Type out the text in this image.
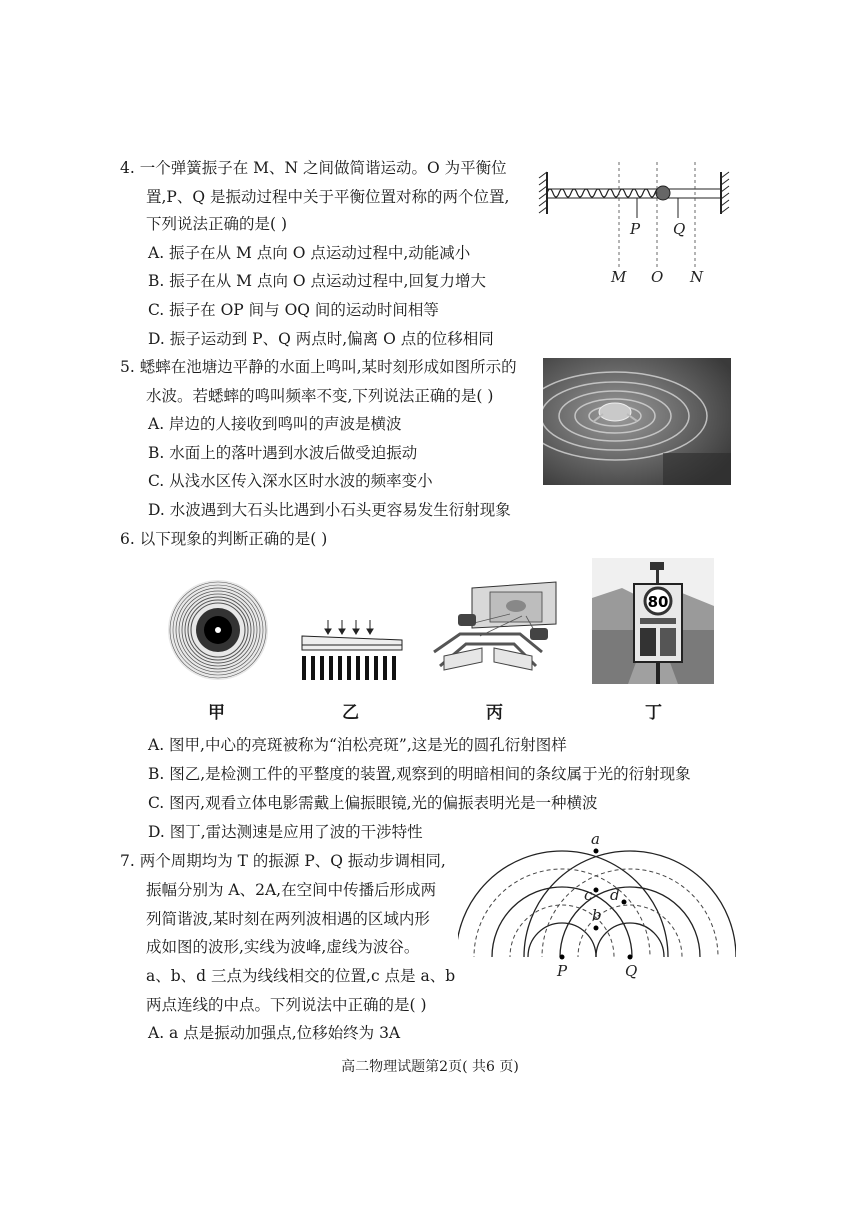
4. 一个弹簧振子在 M、N 之间做简谐运动。O 为平衡位
置,P、Q 是振动过程中关于平衡位置对称的两个位置,
下列说法正确的是( )
A. 振子在从 M 点向 O 点运动过程中,动能减小
B. 振子在从 M 点向 O 点运动过程中,回复力增大
C. 振子在 OP 间与 OQ 间的运动时间相等
D. 振子运动到 P、Q 两点时,偏离 O 点的位移相同
P Q
M O N
5. 蟋蟀在池塘边平静的水面上鸣叫,某时刻形成如图所示的
水波。若蟋蟀的鸣叫频率不变,下列说法正确的是( )
A. 岸边的人接收到鸣叫的声波是横波
B. 水面上的落叶遇到水波后做受迫振动
C. 从浅水区传入深水区时水波的频率变小
D. 水波遇到大石头比遇到小石头更容易发生衍射现象
6. 以下现象的判断正确的是( )
80
甲	乙	丙	丁
A. 图甲,中心的亮斑被称为“泊松亮斑”,这是光的圆孔衍射图样
B. 图乙,是检测工件的平整度的装置,观察到的明暗相间的条纹属于光的衍射现象
C. 图丙,观看立体电影需戴上偏振眼镜,光的偏振表明光是一种横波
D. 图丁,雷达测速是应用了波的干涉特性
7. 两个周期均为 T 的振源 P、Q 振动步调相同,
振幅分别为 A、2A,在空间中传播后形成两
列简谐波,某时刻在两列波相遇的区域内形
成如图的波形,实线为波峰,虚线为波谷。
a、b、d 三点为线线相交的位置,c 点是 a、b
两点连线的中点。下列说法中正确的是( )
A. a 点是振动加强点,位移始终为 3A
a
b
c d
P	Q
高二物理试题第2页( 共6 页)
